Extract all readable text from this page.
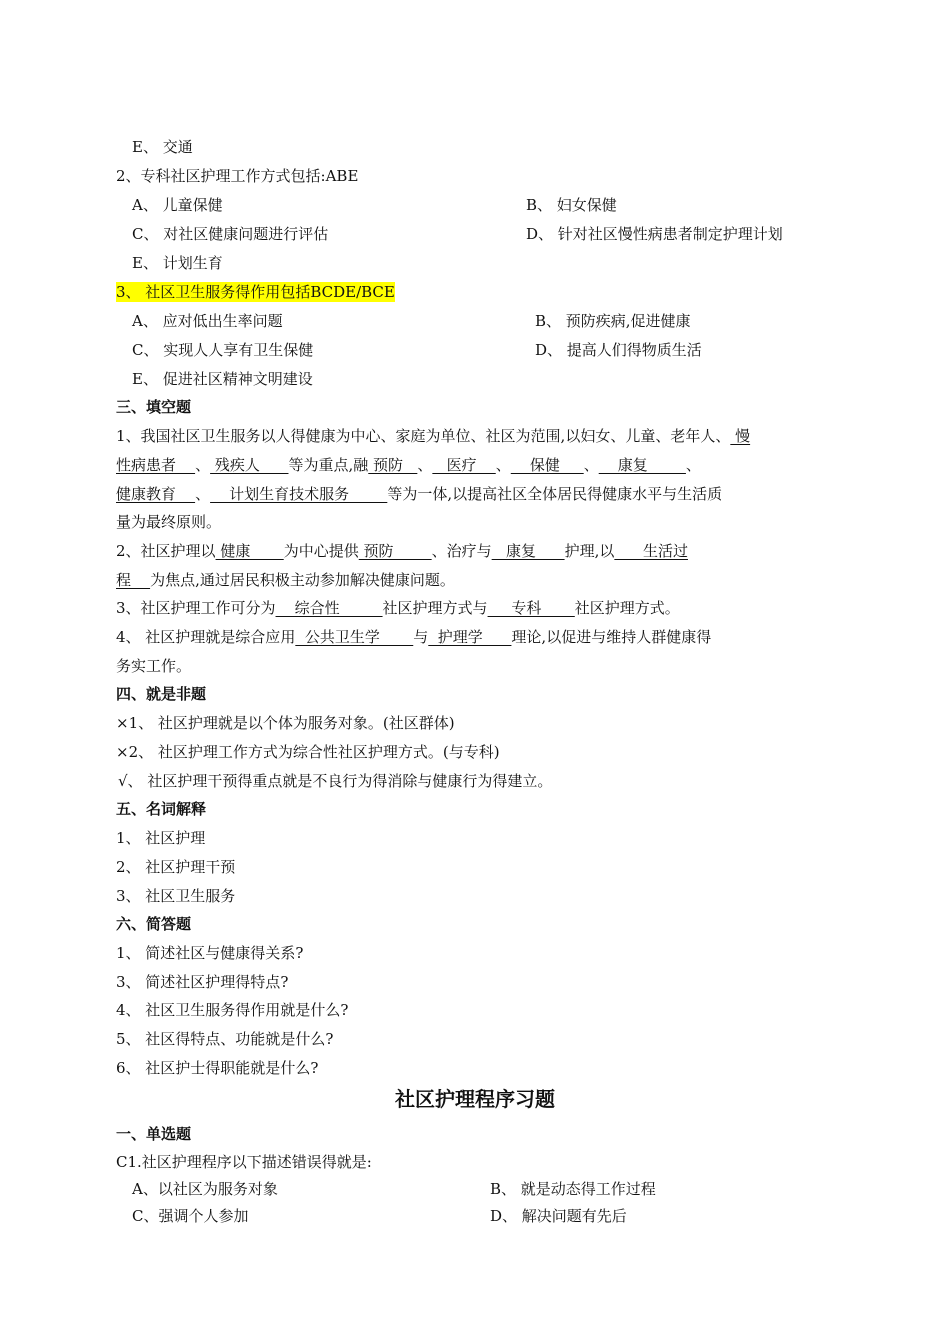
E、 交通
2、专科社区护理工作方式包括:ABE
A、 儿童保健	B、 妇女保健
C、 对社区健康问题进行评估	D、 针对社区慢性病患者制定护理计划
E、 计划生育
3、 社区卫生服务得作用包括BCDE/BCE
A、 应对低出生率问题	B、 预防疾病,促进健康
C、 实现人人享有卫生保健	D、 提高人们得物质生活
E、 促进社区精神文明建设
三、填空题
1、我国社区卫生服务以人得健康为中心、家庭为单位、社区为范围,以妇女、儿童、老年人、 慢
性病患者    、 残疾人      等为重点,融 预防   、   医疗    、    保健     、    康复        、
健康教育    、    计划生育技术服务        等为一体,以提高社区全体居民得健康水平与生活质
量为最终原则。
2、社区护理以 健康       为中心提供 预防        、治疗与   康复      护理,以      生活过
程    为焦点,通过居民积极主动参加解决健康问题。
3、社区护理工作可分为    综合性         社区护理方式与     专科       社区护理方式。
4、 社区护理就是综合应用  公共卫生学       与  护理学      理论,以促进与维持人群健康得
务实工作。
四、就是非题
×1、 社区护理就是以个体为服务对象。(社区群体)
×2、 社区护理工作方式为综合性社区护理方式。(与专科)
√、 社区护理干预得重点就是不良行为得消除与健康行为得建立。
五、名词解释
1、 社区护理
2、 社区护理干预
3、 社区卫生服务
六、简答题
1、 简述社区与健康得关系?
3、 简述社区护理得特点?
4、 社区卫生服务得作用就是什么?
5、 社区得特点、功能就是什么?
6、 社区护士得职能就是什么?
社区护理程序习题
一、单选题
C1.社区护理程序以下描述错误得就是:
A、以社区为服务对象	B、 就是动态得工作过程
C、强调个人参加	D、 解决问题有先后
